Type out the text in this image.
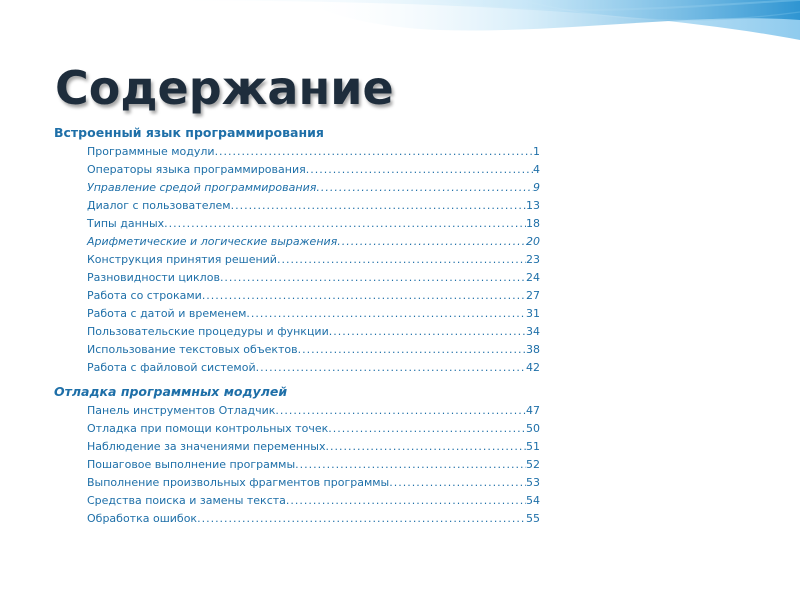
Содержание
Встроенный язык программирования
Программные модули .....	1
Операторы языка программирования .....	4
Управление средой программирования .....	9
Диалог с пользователем .....	13
Типы данных .....	18
Арифметические и логические выражения .....	20
Конструкция принятия решений .....	23
Разновидности циклов .....	24
Работа со строками .....	27
Работа с датой и временем .....	31
Пользовательские процедуры и функции .....	34
Использование текстовых объектов .....	38
Работа с файловой системой .....	42
Отладка программных модулей
Панель инструментов Отладчик .....	47
Отладка при помощи контрольных точек .....	50
Наблюдение за значениями переменных .....	51
Пошаговое выполнение программы .....	52
Выполнение произвольных фрагментов программы .....	53
Средства поиска и замены текста .....	54
Обработка ошибок .....	55
